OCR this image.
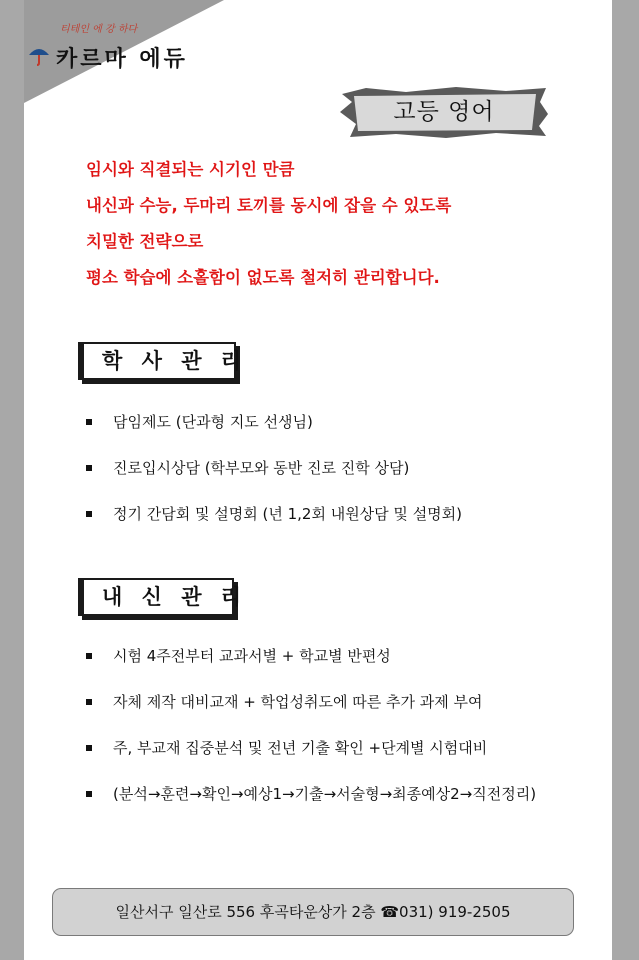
티테인 에 강 하다
카르마 에듀
고등 영어
임시와 직결되는 시기인 만큼
내신과 수능, 두마리 토끼를 동시에 잡을 수 있도록
치밀한 전략으로
평소 학습에 소홀함이 없도록 철저히 관리합니다.
학 사 관 리
담임제도 (단과형 지도 선생님)
진로입시상담 (학부모와 동반 진로 진학 상담)
정기 간담회 및 설명회 (년 1,2회 내원상담 및 설명회)
내 신 관 리
시험 4주전부터 교과서별 + 학교별 반편성
자체 제작 대비교재 + 학업성취도에 따른 추가 과제 부여
주, 부교재 집중분석 및 전년 기출 확인 +단계별 시험대비
(분석→훈련→확인→예상1→기출→서술형→최종예상2→직전정리)
일산서구 일산로 556 후곡타운상가 2층 ☎031) 919-2505
